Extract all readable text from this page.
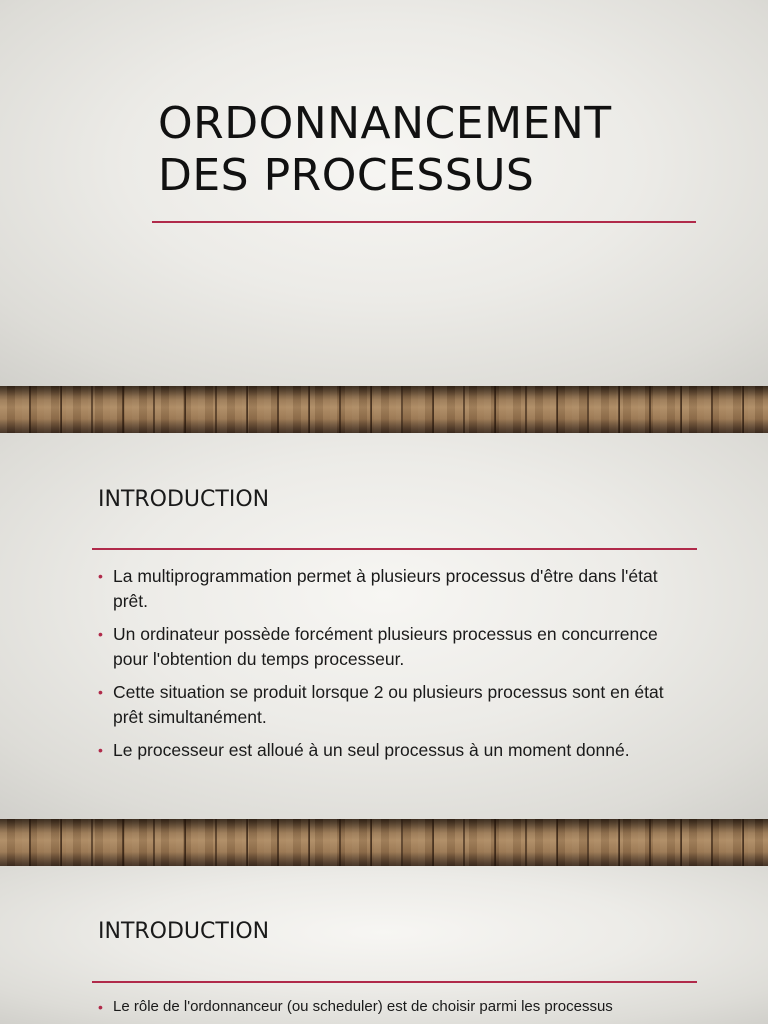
ORDONNANCEMENT
DES PROCESSUS
INTRODUCTION
• La multiprogrammation permet à plusieurs processus d'être dans l'état prêt.
• Un ordinateur possède forcément plusieurs processus en concurrence pour l'obtention du temps processeur.
• Cette situation se produit lorsque 2 ou plusieurs processus sont en état prêt simultanément.
• Le processeur est alloué à un seul processus à un moment donné.
INTRODUCTION
• Le rôle de l'ordonnanceur (ou scheduler) est de choisir parmi les processus
